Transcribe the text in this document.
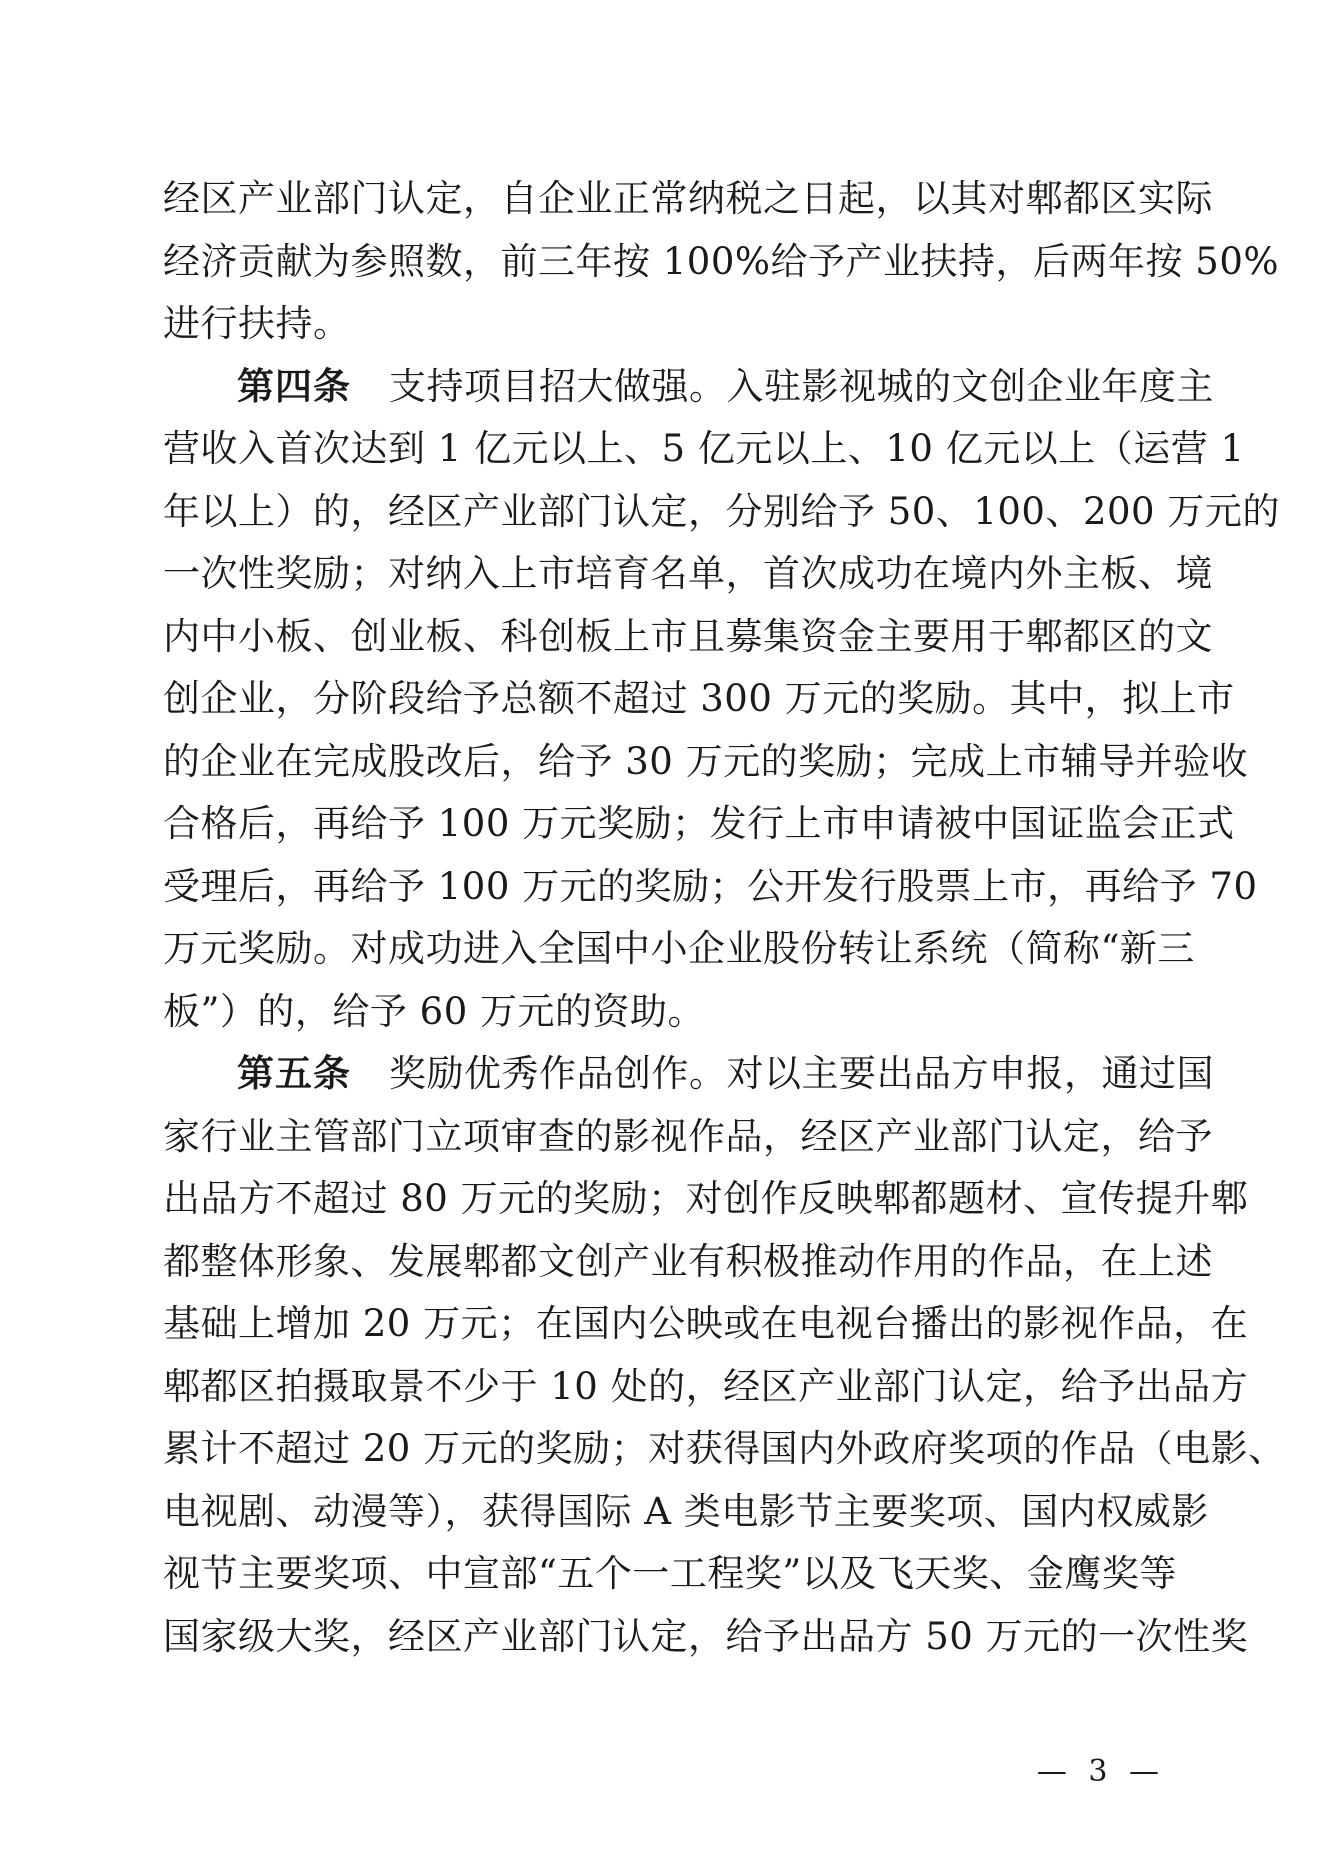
经区产业部门认定，自企业正常纳税之日起，以其对郫都区实际
经济贡献为参照数，前三年按 100%给予产业扶持，后两年按 50%
进行扶持。
第四条 支持项目招大做强。入驻影视城的文创企业年度主
营收入首次达到 1 亿元以上、5 亿元以上、10 亿元以上（运营 1
年以上）的，经区产业部门认定，分别给予 50、100、200 万元的
一次性奖励；对纳入上市培育名单，首次成功在境内外主板、境
内中小板、创业板、科创板上市且募集资金主要用于郫都区的文
创企业，分阶段给予总额不超过 300 万元的奖励。其中，拟上市
的企业在完成股改后，给予 30 万元的奖励；完成上市辅导并验收
合格后，再给予 100 万元奖励；发行上市申请被中国证监会正式
受理后，再给予 100 万元的奖励；公开发行股票上市，再给予 70
万元奖励。对成功进入全国中小企业股份转让系统（简称“新三
板”）的，给予 60 万元的资助。
第五条 奖励优秀作品创作。对以主要出品方申报，通过国
家行业主管部门立项审查的影视作品，经区产业部门认定，给予
出品方不超过 80 万元的奖励；对创作反映郫都题材、宣传提升郫
都整体形象、发展郫都文创产业有积极推动作用的作品，在上述
基础上增加 20 万元；在国内公映或在电视台播出的影视作品，在
郫都区拍摄取景不少于 10 处的，经区产业部门认定，给予出品方
累计不超过 20 万元的奖励；对获得国内外政府奖项的作品（电影、
电视剧、动漫等），获得国际 A 类电影节主要奖项、国内权威影
视节主要奖项、中宣部“五个一工程奖”以及飞天奖、金鹰奖等
国家级大奖，经区产业部门认定，给予出品方 50 万元的一次性奖
— 3 —
